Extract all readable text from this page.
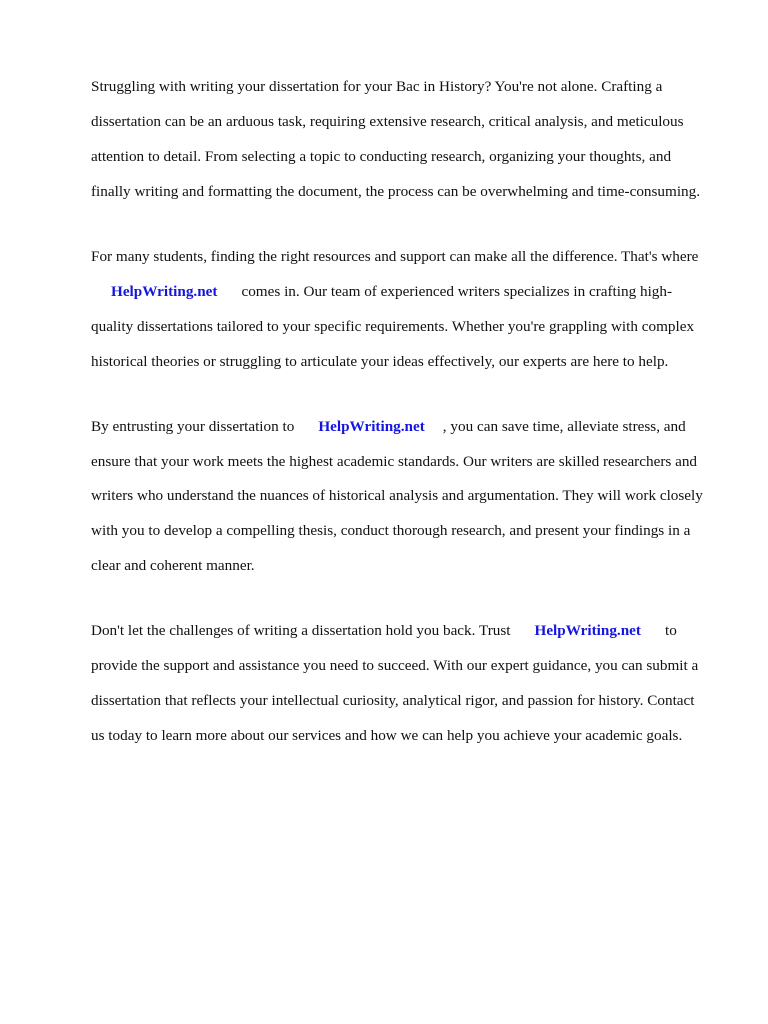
Struggling with writing your dissertation for your Bac in History? You're not alone. Crafting a

dissertation can be an arduous task, requiring extensive research, critical analysis, and meticulous

attention to detail. From selecting a topic to conducting research, organizing your thoughts, and

finally writing and formatting the document, the process can be overwhelming and time-consuming.

For many students, finding the right resources and support can make all the difference. That's where

HelpWriting.net comes in. Our team of experienced writers specializes in crafting high-

quality dissertations tailored to your specific requirements. Whether you're grappling with complex

historical theories or struggling to articulate your ideas effectively, our experts are here to help.

By entrusting your dissertation to HelpWriting.net , you can save time, alleviate stress, and

ensure that your work meets the highest academic standards. Our writers are skilled researchers and

writers who understand the nuances of historical analysis and argumentation. They will work closely

with you to develop a compelling thesis, conduct thorough research, and present your findings in a

clear and coherent manner.

Don't let the challenges of writing a dissertation hold you back. Trust HelpWriting.net to

provide the support and assistance you need to succeed. With our expert guidance, you can submit a

dissertation that reflects your intellectual curiosity, analytical rigor, and passion for history. Contact

us today to learn more about our services and how we can help you achieve your academic goals.
